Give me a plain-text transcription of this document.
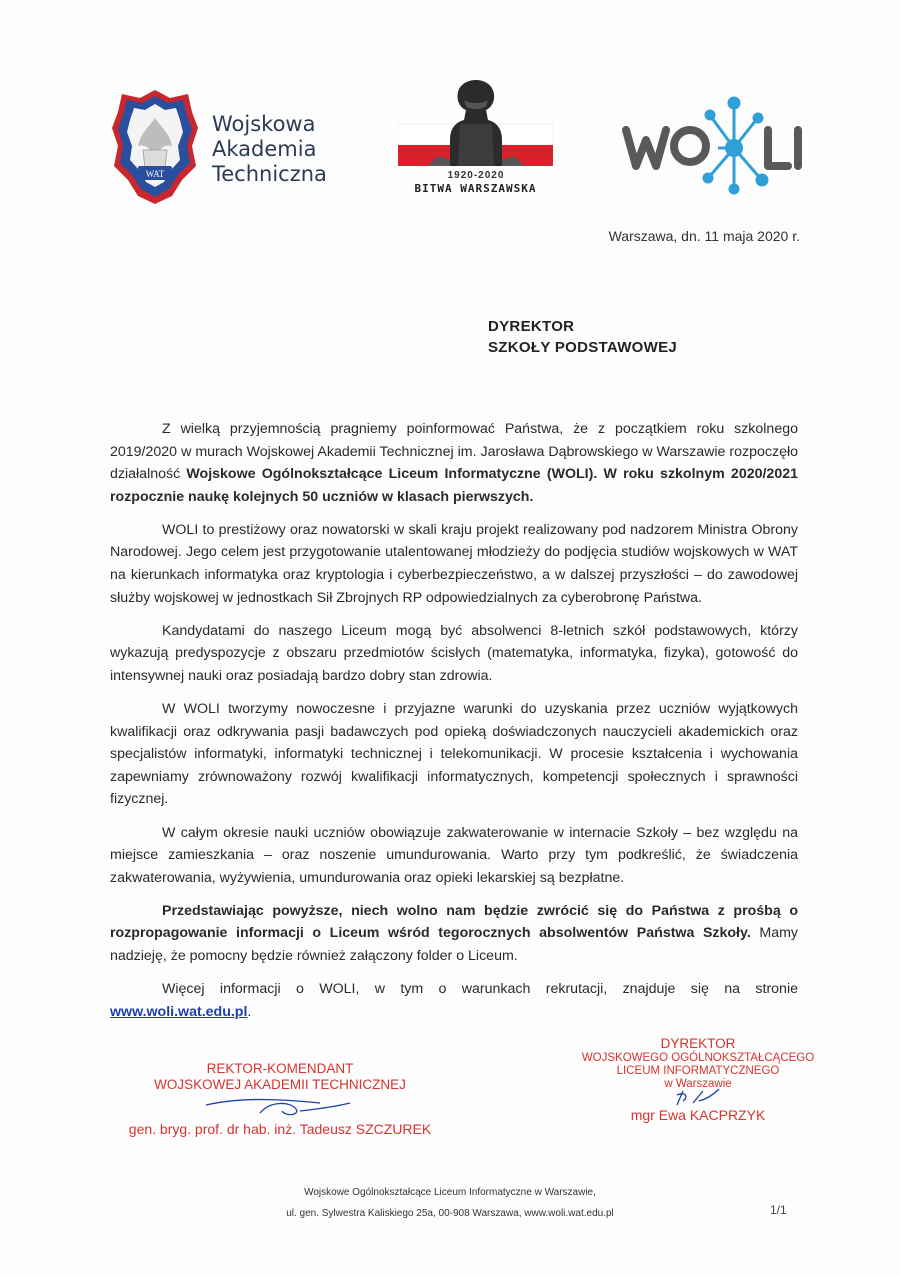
WAT
Wojskowa
Akademia
Techniczna	1920-2020
BITWA WARSZAWSKA
Warszawa, dn. 11 maja 2020 r.
DYREKTOR
SZKOŁY PODSTAWOWEJ

Z wielką przyjemnością pragniemy poinformować Państwa, że z początkiem roku szkolnego 2019/2020 w murach Wojskowej Akademii Technicznej im. Jarosława Dąbrowskiego w Warszawie rozpoczęło działalność Wojskowe Ogólnokształcące Liceum Informatyczne (WOLI). W roku szkolnym 2020/2021 rozpocznie naukę kolejnych 50 uczniów w klasach pierwszych.

WOLI to prestiżowy oraz nowatorski w skali kraju projekt realizowany pod nadzorem Ministra Obrony Narodowej. Jego celem jest przygotowanie utalentowanej młodzieży do podjęcia studiów wojskowych w WAT na kierunkach informatyka oraz kryptologia i cyberbezpieczeństwo, a w dalszej przyszłości – do zawodowej służby wojskowej w jednostkach Sił Zbrojnych RP odpowiedzialnych za cyberobronę Państwa.

Kandydatami do naszego Liceum mogą być absolwenci 8-letnich szkół podstawowych, którzy wykazują predyspozycje z obszaru przedmiotów ścisłych (matematyka, informatyka, fizyka), gotowość do intensywnej nauki oraz posiadają bardzo dobry stan zdrowia.

W WOLI tworzymy nowoczesne i przyjazne warunki do uzyskania przez uczniów wyjątkowych kwalifikacji oraz odkrywania pasji badawczych pod opieką doświadczonych nauczycieli akademickich oraz specjalistów informatyki, informatyki technicznej i telekomunikacji. W procesie kształcenia i wychowania zapewniamy zrównoważony rozwój kwalifikacji informatycznych, kompetencji społecznych i sprawności fizycznej.

W całym okresie nauki uczniów obowiązuje zakwaterowanie w internacie Szkoły – bez względu na miejsce zamieszkania – oraz noszenie umundurowania. Warto przy tym podkreślić, że świadczenia zakwaterowania, wyżywienia, umundurowania oraz opieki lekarskiej są bezpłatne.

Przedstawiając powyższe, niech wolno nam będzie zwrócić się do Państwa z prośbą o rozpropagowanie informacji o Liceum wśród tegorocznych absolwentów Państwa Szkoły. Mamy nadzieję, że pomocny będzie również załączony folder o Liceum.

Więcej informacji o WOLI, w tym o warunkach rekrutacji, znajduje się na stronie www.woli.wat.edu.pl.

REKTOR-KOMENDANT
WOJSKOWEJ AKADEMII TECHNICZNEJ
gen. bryg. prof. dr hab. inż. Tadeusz SZCZUREK
DYREKTOR
WOJSKOWEGO OGÓLNOKSZTAŁCĄCEGO
LICEUM INFORMATYCZNEGO
w Warszawie
mgr Ewa KACPRZYK
Wojskowe Ogólnokształcące Liceum Informatyczne w Warszawie,
ul. gen. Sylwestra Kaliskiego 25a, 00-908 Warszawa, www.woli.wat.edu.pl	1/1
